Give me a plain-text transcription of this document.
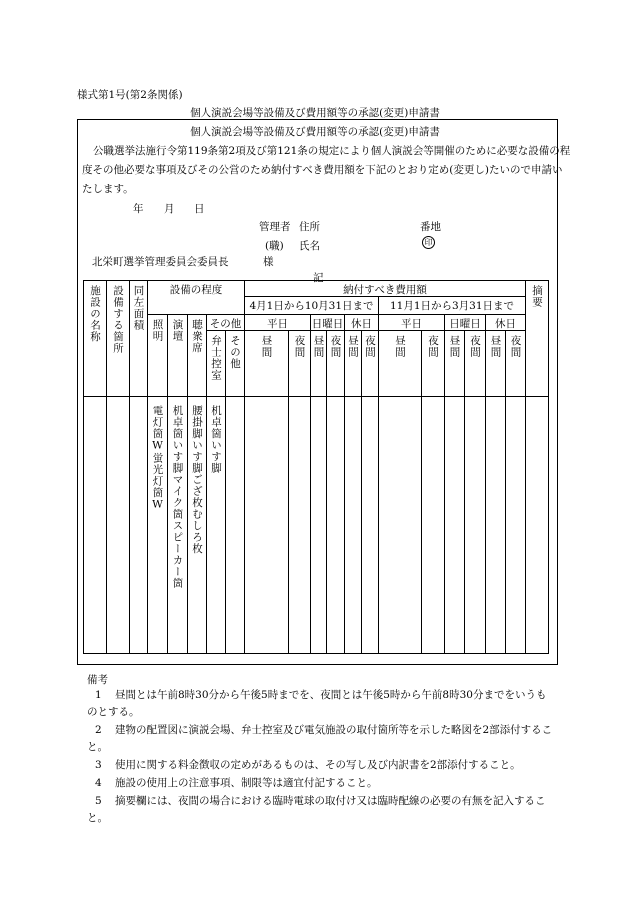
様式第1号(第2条関係)
個人演説会場等設備及び費用額等の承認(変更)申請書
個人演説会場等設備及び費用額等の承認(変更)申請書
公職選挙法施行令第119条第2項及び第121条の規定により個人演説会等開催のために必要な設備の程
度その他必要な事項及びその公営のため納付すべき費用額を下記のとおり定め(変更し)たいので申請い
たします。
年 月 日
管理者 住所	番地
(職) 氏名	印
北栄町選挙管理委員会委員長	様
記
施設の名称	設備する箇所	同左面積	設備の程度					納付すべき費用額												摘要
								4月1日から10月31日まで						11月1日から3月31日まで						
			照明	演壇	聴衆席	その他		平日		日曜日		休日		平日		日曜日		休日		
						弁士控室	その他	昼間	夜間	昼間	夜間	昼間	夜間	昼間	夜間	昼間	夜間	昼間	夜間	
			電灯箇W蛍光灯箇W	机卓箇いす脚マイク箇スピーカー箇	腰掛脚いす脚ござ枚むしろ枚	机卓箇いす脚														
備考
1 昼間とは午前8時30分から午後5時までを、夜間とは午後5時から午前8時30分までをいうものとする。
2 建物の配置図に演説会場、弁士控室及び電気施設の取付箇所等を示した略図を2部添付すること。
3 使用に関する料金徴収の定めがあるものは、その写し及び内訳書を2部添付すること。
4 施設の使用上の注意事項、制限等は適宜付記すること。
5 摘要欄には、夜間の場合における臨時電球の取付け又は臨時配線の必要の有無を記入すること。
